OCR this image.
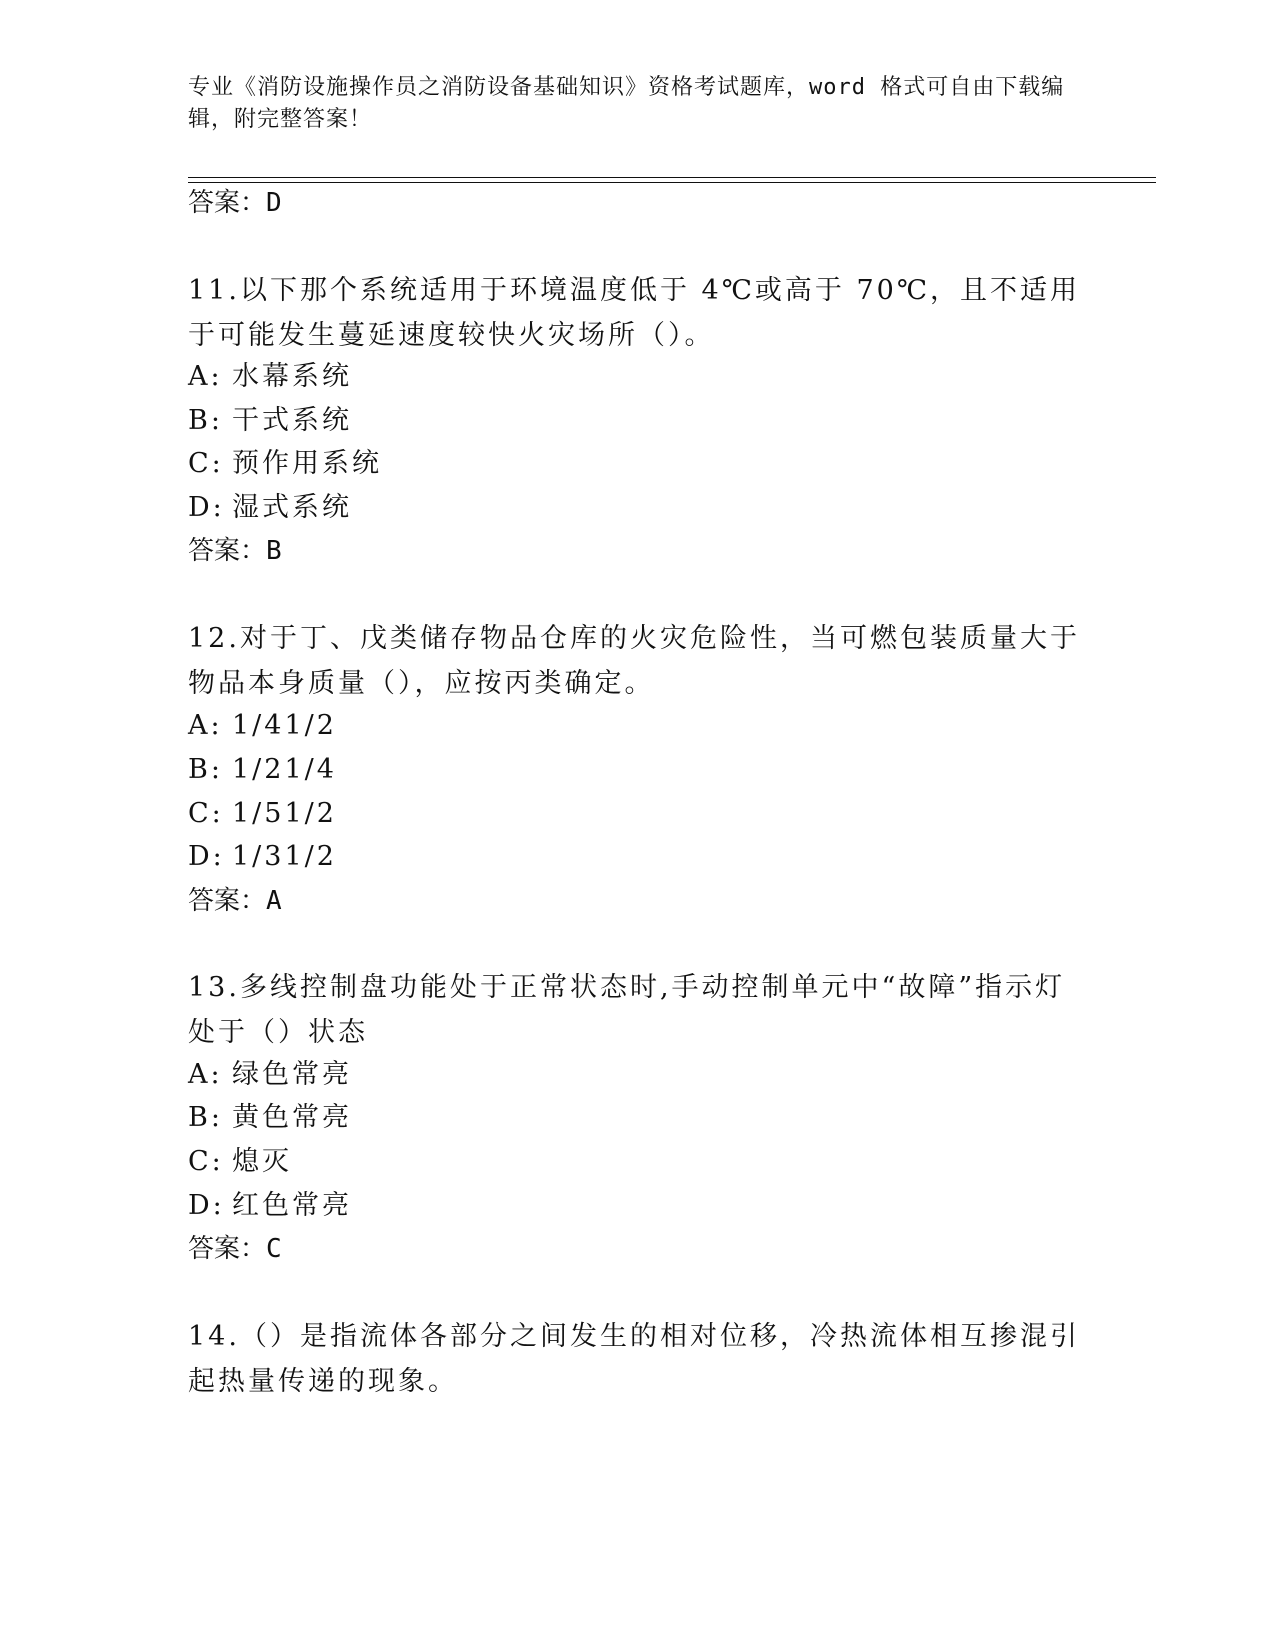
专业《消防设施操作员之消防设备基础知识》资格考试题库，word 格式可自由下载编辑，附完整答案！
答案：D
11.以下那个系统适用于环境温度低于 4℃或高于 70℃，且不适用于可能发生蔓延速度较快火灾场所（）。
A: 水幕系统
B: 干式系统
C: 预作用系统
D: 湿式系统
答案：B
12.对于丁、戊类储存物品仓库的火灾危险性，当可燃包装质量大于物品本身质量（），应按丙类确定。
A: 1/41/2
B: 1/21/4
C: 1/51/2
D: 1/31/2
答案：A
13.多线控制盘功能处于正常状态时,手动控制单元中“故障”指示灯处于（）状态
A: 绿色常亮
B: 黄色常亮
C: 熄灭
D: 红色常亮
答案：C
14.（）是指流体各部分之间发生的相对位移，冷热流体相互掺混引起热量传递的现象。
